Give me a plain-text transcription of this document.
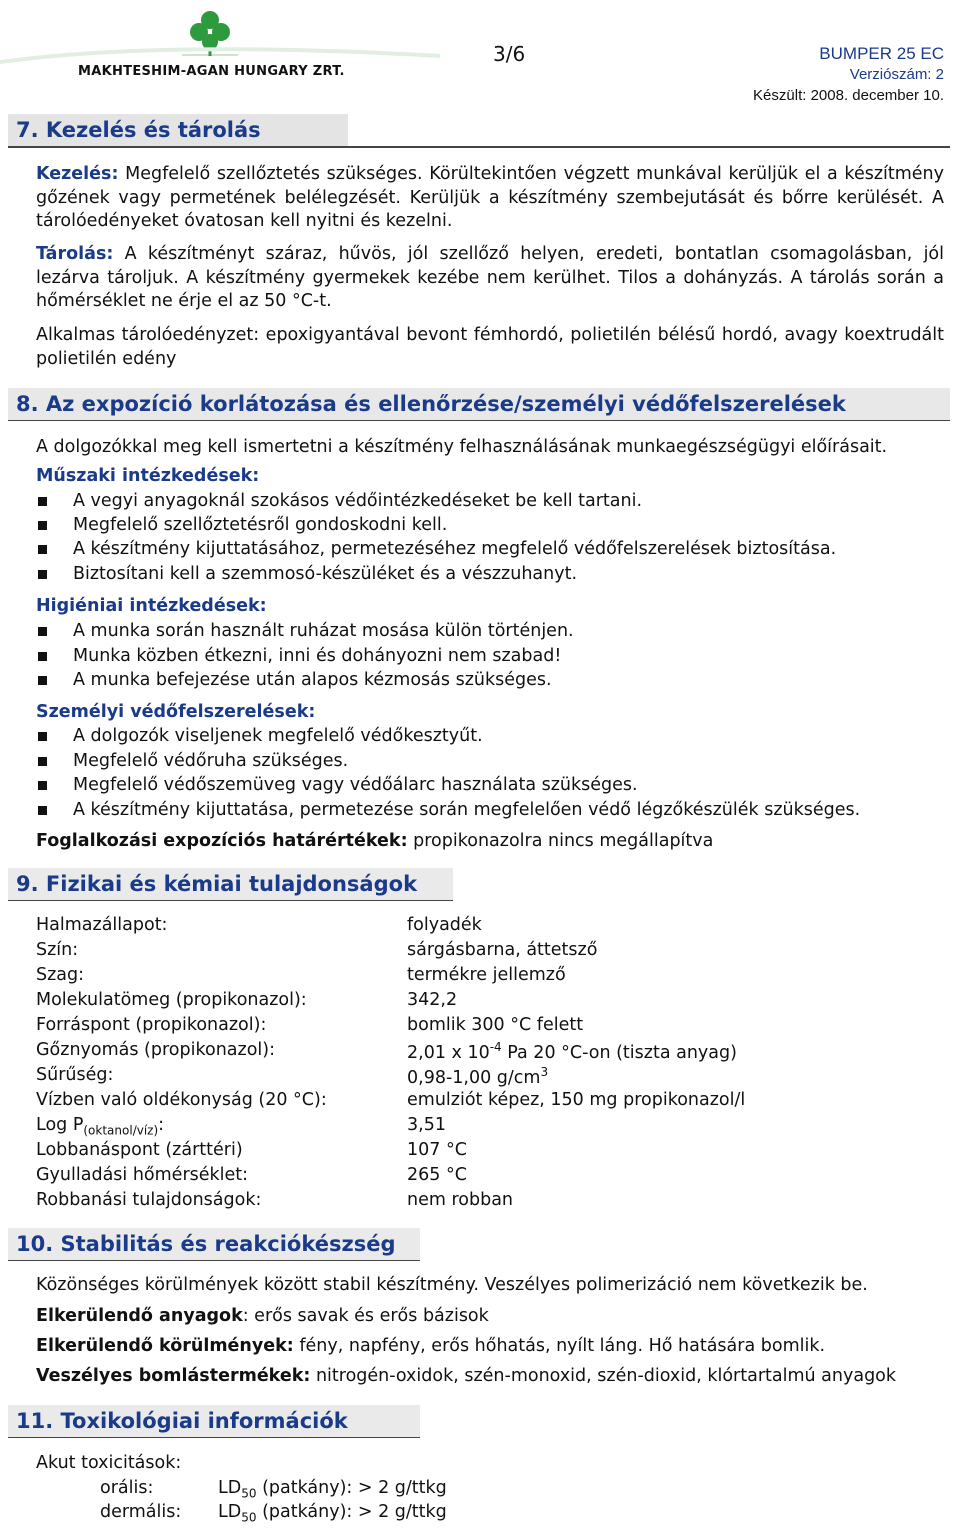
MAKHTESHIM-AGAN HUNGARY ZRT.
3/6	BUMPER 25 EC
Verziószám: 2
Készült: 2008. december 10.
7. Kezelés és tárolás
Kezelés: Megfelelő szellőztetés szükséges. Körültekintően végzett munkával kerüljük el a készítmény gőzének vagy permetének belélegzését. Kerüljük a készítmény szembejutását és bőrre kerülését. A tárolóedényeket óvatosan kell nyitni és kezelni.
Tárolás: A készítményt száraz, hűvös, jól szellőző helyen, eredeti, bontatlan csomagolásban, jól lezárva tároljuk. A készítmény gyermekek kezébe nem kerülhet. Tilos a dohányzás. A tárolás során a hőmérséklet ne érje el az 50 °C-t.
Alkalmas tárolóedényzet: epoxigyantával bevont fémhordó, polietilén bélésű hordó, avagy koextrudált polietilén edény
8. Az expozíció korlátozása és ellenőrzése/személyi védőfelszerelések
A dolgozókkal meg kell ismertetni a készítmény felhasználásának munkaegészségügyi előírásait.
Műszaki intézkedések:
A vegyi anyagoknál szokásos védőintézkedéseket be kell tartani.
Megfelelő szellőztetésről gondoskodni kell.
A készítmény kijuttatásához, permetezéséhez megfelelő védőfelszerelések biztosítása.
Biztosítani kell a szemmosó-készüléket és a vészzuhanyt.
Higiéniai intézkedések:
A munka során használt ruházat mosása külön történjen.
Munka közben étkezni, inni és dohányozni nem szabad!
A munka befejezése után alapos kézmosás szükséges.
Személyi védőfelszerelések:
A dolgozók viseljenek megfelelő védőkesztyűt.
Megfelelő védőruha szükséges.
Megfelelő védőszemüveg vagy védőálarc használata szükséges.
A készítmény kijuttatása, permetezése során megfelelően védő légzőkészülék szükséges.
Foglalkozási expozíciós határértékek: propikonazolra nincs megállapítva
9. Fizikai és kémiai tulajdonságok
Halmazállapot:	folyadék
Szín:	sárgásbarna, áttetsző
Szag:	termékre jellemző
Molekulatömeg (propikonazol):	342,2
Forráspont (propikonazol):	bomlik 300 °C felett
Gőznyomás (propikonazol):	2,01 x $10^{-4}$ Pa 20 °C-on (tiszta anyag)
Sűrűség:	0,98-1,00 $g/cm^3$
Vízben való oldékonyság (20 °C):	emulziót képez, 150 mg propikonazol/l
Log $P_{(oktanol/víz)}$:	3,51
Lobbanáspont (zárttéri)	107 °C
Gyulladási hőmérséklet:	265 °C
Robbanási tulajdonságok:	nem robban
10. Stabilitás és reakciókészség
Közönséges körülmények között stabil készítmény. Veszélyes polimerizáció nem következik be.
Elkerülendő anyagok: erős savak és erős bázisok
Elkerülendő körülmények: fény, napfény, erős hőhatás, nyílt láng. Hő hatására bomlik.
Veszélyes bomlástermékek: nitrogén-oxidok, szén-monoxid, szén-dioxid, klórtartalmú anyagok
11. Toxikológiai információk
Akut toxicitások:
orális:	$LD_{50}$ (patkány): > 2 g/ttkg
dermális: $LD_{50}$ (patkány): > 2 g/ttkg
